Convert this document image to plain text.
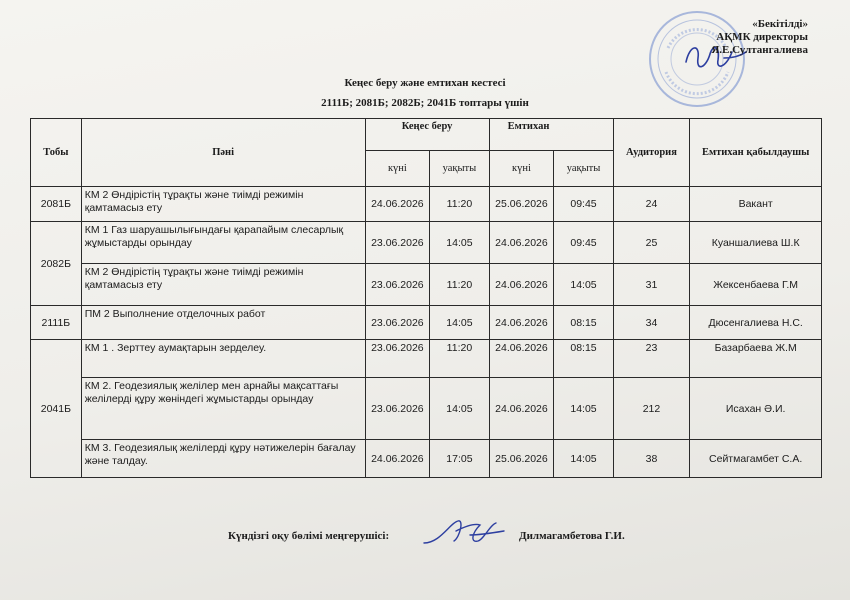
«Бекітілді»
АҚМК директоры
Я.Е.Султангалиева
Кеңес беру және емтихан кестесі
2111Б; 2081Б; 2082Б; 2041Б топтары үшін
Тобы	Пәні	Кеңес беру		Емтихан		Аудитория	Емтихан қабылдаушы
		күні	уақыты	күні	уақыты		
2081Б	КМ 2 Өндірістің тұрақты және тиімді режимін қамтамасыз ету	24.06.2026	11:20	25.06.2026	09:45	24	Вакант
2082Б	КМ 1 Газ шаруашылығындағы қарапайым слесарлық жұмыстарды орындау	23.06.2026	14:05	24.06.2026	09:45	25	Куаншалиева Ш.К
	КМ 2 Өндірістің тұрақты және тиімді режимін қамтамасыз ету	23.06.2026	11:20	24.06.2026	14:05	31	Жексенбаева Г.М
2111Б	ПМ 2 Выполнение отделочных работ	23.06.2026	14:05	24.06.2026	08:15	34	Дюсенгалиева Н.С.
2041Б	КМ 1 . Зерттеу аумақтарын зерделеу.	23.06.2026	11:20	24.06.2026	08:15	23	Базарбаева Ж.М
	КМ 2. Геодезиялық желілер мен арнайы мақсаттағы желілерді құру жөніндегі жұмыстарды орындау	23.06.2026	14:05	24.06.2026	14:05	212	Исахан Ә.И.
	КМ 3. Геодезиялық желілерді құру нәтижелерін бағалау және талдау.	24.06.2026	17:05	25.06.2026	14:05	38	Сейтмагамбет С.А.
Күндізгі оқу бөлімі меңгерушісі:	Дилмагамбетова Г.И.
